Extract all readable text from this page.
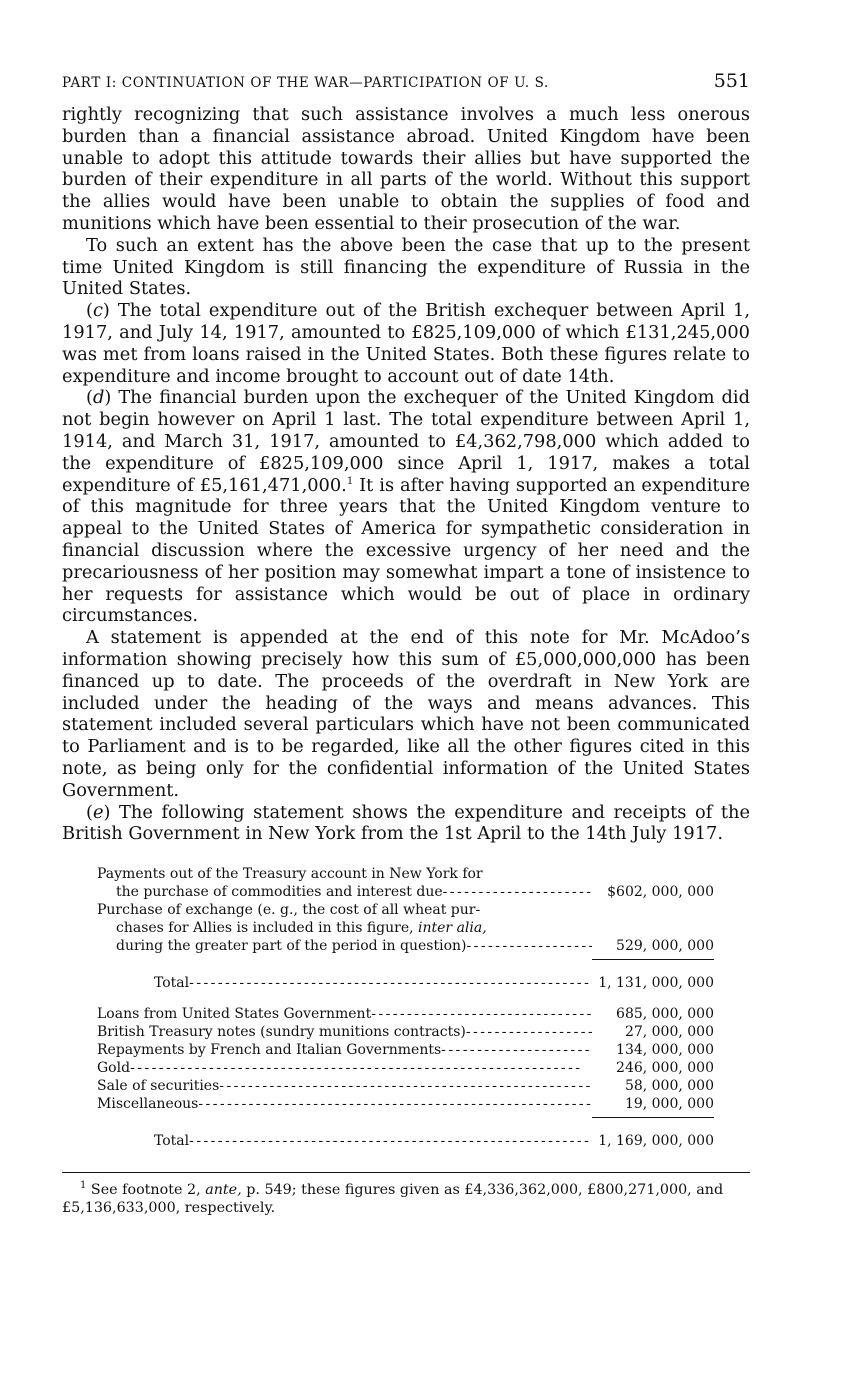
PART I: CONTINUATION OF THE WAR—PARTICIPATION OF U. S.	551

rightly recognizing that such assistance involves a much less onerous burden than a financial assistance abroad. United Kingdom have been unable to adopt this attitude towards their allies but have supported the burden of their expenditure in all parts of the world. Without this support the allies would have been unable to obtain the supplies of food and munitions which have been essential to their prosecution of the war.

To such an extent has the above been the case that up to the present time United Kingdom is still financing the expenditure of Russia in the United States.

(c) The total expenditure out of the British exchequer between April 1, 1917, and July 14, 1917, amounted to £825,109,000 of which £131,245,000 was met from loans raised in the United States. Both these figures relate to expenditure and income brought to account out of date 14th.

(d) The financial burden upon the exchequer of the United Kingdom did not begin however on April 1 last. The total expenditure between April 1, 1914, and March 31, 1917, amounted to £4,362,798,000 which added to the expenditure of £825,109,000 since April 1, 1917, makes a total expenditure of £5,161,471,000.$^1$ It is after having supported an expenditure of this magnitude for three years that the United Kingdom venture to appeal to the United States of America for sympathetic consideration in financial discussion where the excessive urgency of her need and the precariousness of her position may somewhat impart a tone of insistence to her requests for assistance which would be out of place in ordinary circumstances.

A statement is appended at the end of this note for Mr. McAdoo’s information showing precisely how this sum of £5,000,000,000 has been financed up to date. The proceeds of the overdraft in New York are included under the heading of the ways and means advances. This statement included several particulars which have not been communicated to Parliament and is to be regarded, like all the other figures cited in this note, as being only for the confidential information of the United States Government.

(e) The following statement shows the expenditure and receipts of the British Government in New York from the 1st April to the 14th July 1917.

Payments out of the Treasury account in New York for
the purchase of commodities and interest due - - -	$602, 000, 000
Purchase of exchange (e. g., the cost of all wheat pur-
chases for Allies is included in this figure, inter alia,
during the greater part of the period in question) - - -	529, 000, 000
Total - - -	1, 131, 000, 000
Loans from United States Government - - -	685, 000, 000
British Treasury notes (sundry munitions contracts) - - -	27, 000, 000
Repayments by French and Italian Governments - - -	134, 000, 000
Gold - - -	246, 000, 000
Sale of securities - - -	58, 000, 000
Miscellaneous - - -	19, 000, 000
Total - - -	1, 169, 000, 000
$^1$ See footnote 2, ante, p. 549; these figures given as £4,336,362,000, £800,271,000, and £5,136,633,000, respectively.
